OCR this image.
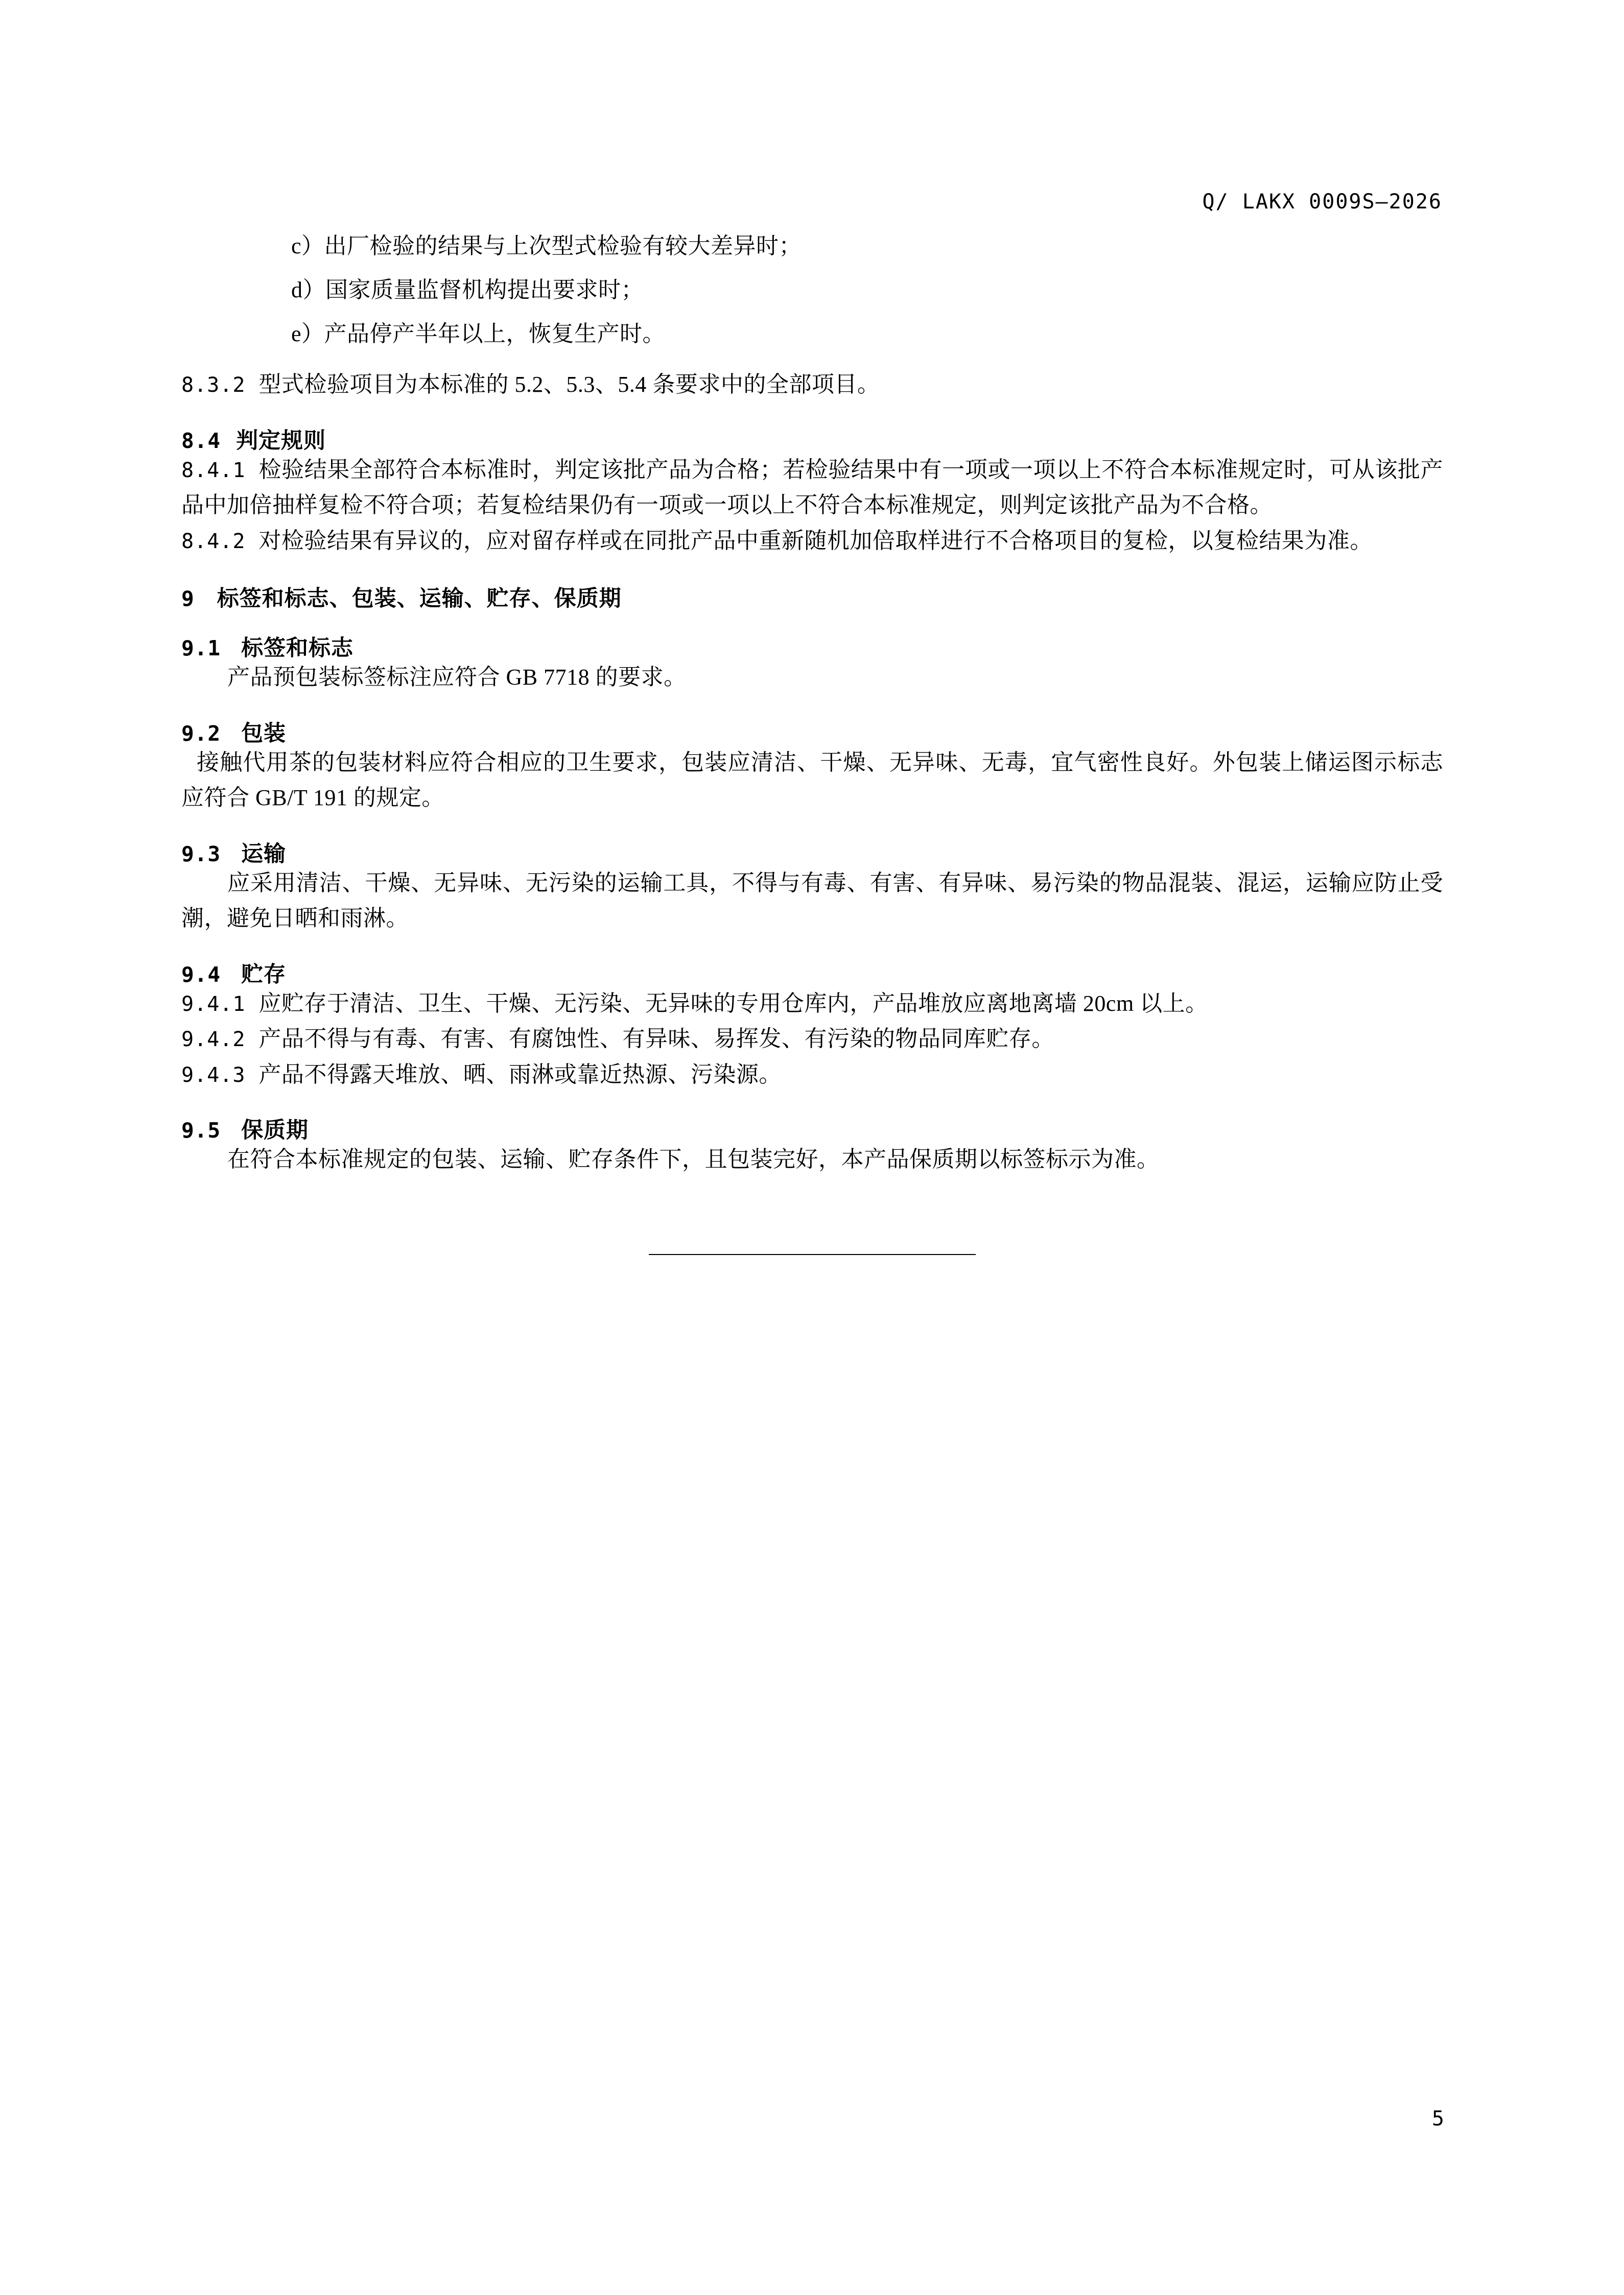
Q/ LAKX 0009S—2026

c）出厂检验的结果与上次型式检验有较大差异时；

d）国家质量监督机构提出要求时；

e）产品停产半年以上，恢复生产时。

8.3.2 型式检验项目为本标准的 5.2、5.3、5.4 条要求中的全部项目。

8.4 判定规则

8.4.1 检验结果全部符合本标准时，判定该批产品为合格；若检验结果中有一项或一项以上不符合本标准规定时，可从该批产品中加倍抽样复检不符合项；若复检结果仍有一项或一项以上不符合本标准规定，则判定该批产品为不合格。

8.4.2 对检验结果有异议的，应对留存样或在同批产品中重新随机加倍取样进行不合格项目的复检，以复检结果为准。

9 标签和标志、包装、运输、贮存、保质期

9.1 标签和标志

产品预包装标签标注应符合 GB 7718 的要求。

9.2 包装

接触代用茶的包装材料应符合相应的卫生要求，包装应清洁、干燥、无异味、无毒，宜气密性良好。外包装上储运图示标志应符合 GB/T 191 的规定。

9.3 运输

应采用清洁、干燥、无异味、无污染的运输工具，不得与有毒、有害、有异味、易污染的物品混装、混运，运输应防止受潮，避免日晒和雨淋。

9.4 贮存

9.4.1 应贮存于清洁、卫生、干燥、无污染、无异味的专用仓库内，产品堆放应离地离墙 20cm 以上。

9.4.2 产品不得与有毒、有害、有腐蚀性、有异味、易挥发、有污染的物品同库贮存。

9.4.3 产品不得露天堆放、晒、雨淋或靠近热源、污染源。

9.5 保质期

在符合本标准规定的包装、运输、贮存条件下，且包装完好，本产品保质期以标签标示为准。

5
